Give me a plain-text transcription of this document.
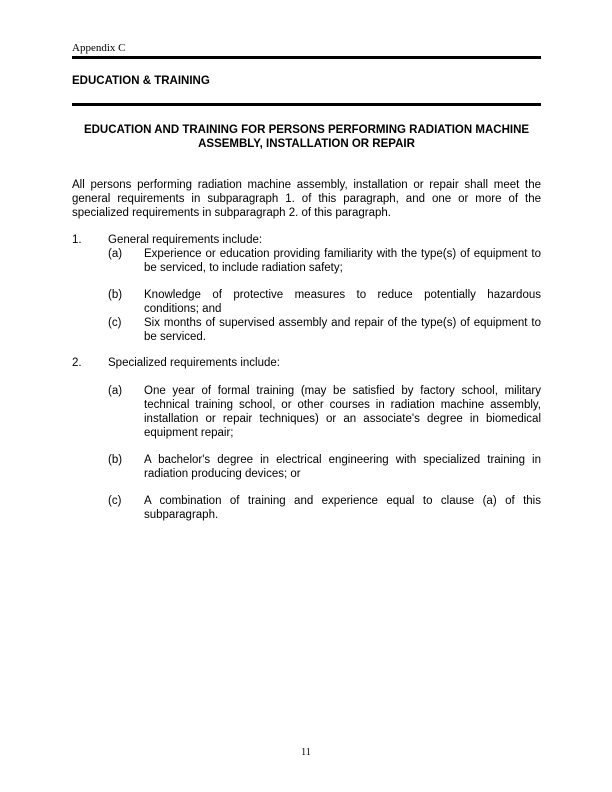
Appendix C
EDUCATION & TRAINING
EDUCATION AND TRAINING FOR PERSONS PERFORMING RADIATION MACHINE ASSEMBLY, INSTALLATION OR REPAIR
All persons performing radiation machine assembly, installation or repair shall meet the general requirements in subparagraph 1. of this paragraph, and one or more of the specialized requirements in subparagraph 2. of this paragraph.
1. General requirements include:
(a) Experience or education providing familiarity with the type(s) of equipment to be serviced, to include radiation safety;
(b) Knowledge of protective measures to reduce potentially hazardous conditions; and
(c) Six months of supervised assembly and repair of the type(s) of equipment to be serviced.
2. Specialized requirements include:
(a) One year of formal training (may be satisfied by factory school, military technical training school, or other courses in radiation machine assembly, installation or repair techniques) or an associate's degree in biomedical equipment repair;
(b) A bachelor's degree in electrical engineering with specialized training in radiation producing devices; or
(c) A combination of training and experience equal to clause (a) of this subparagraph.
11
